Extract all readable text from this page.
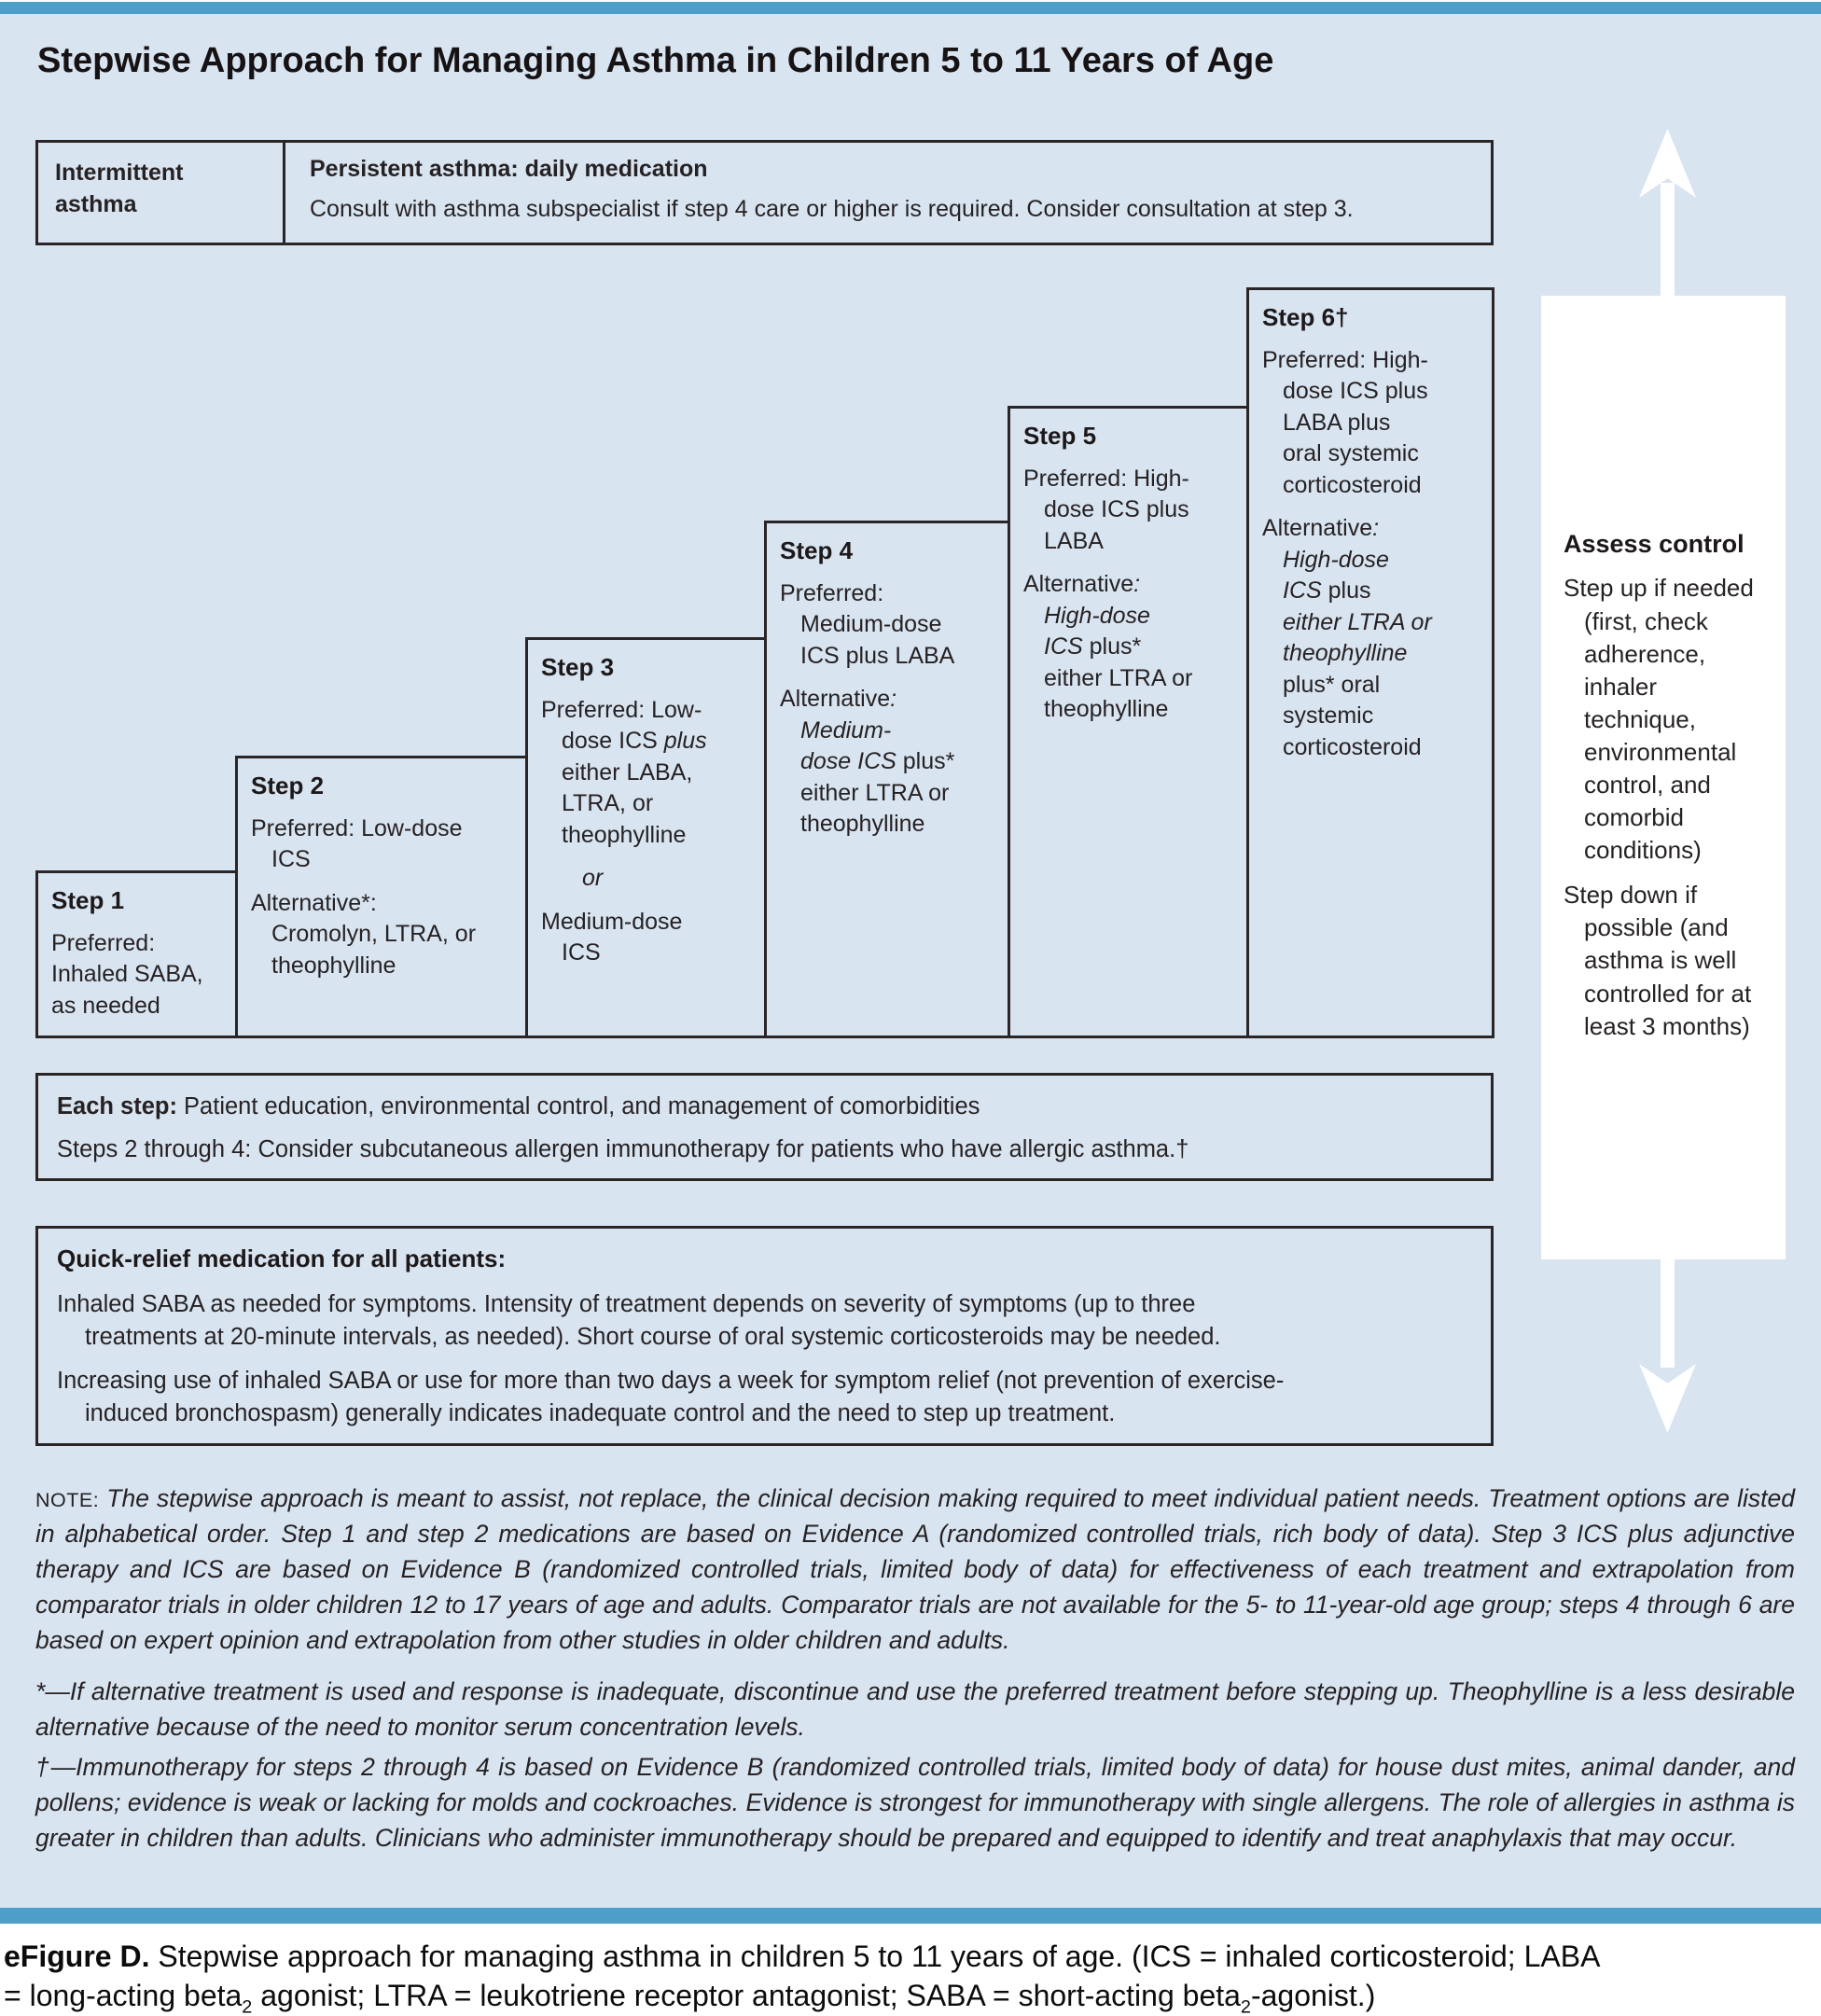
Stepwise Approach for Managing Asthma in Children 5 to 11 Years of Age
Intermittent asthma
Persistent asthma: daily medication
Consult with asthma subspecialist if step 4 care or higher is required. Consider consultation at step 3.
Step 1

Preferred:
Inhaled SABA,
as needed

Step 2

Preferred: Low-dose
ICS

Alternative*:
Cromolyn, LTRA, or
theophylline

Step 3

Preferred: Low-
dose ICS plus
either LABA,
LTRA, or
theophylline

or

Medium-dose
ICS

Step 4

Preferred:
Medium-dose
ICS plus LABA

Alternative:
Medium-
dose ICS plus*
either LTRA or
theophylline

Step 5

Preferred: High-
dose ICS plus
LABA

Alternative:
High-dose
ICS plus*
either LTRA or
theophylline

Step 6†

Preferred: High-
dose ICS plus
LABA plus
oral systemic
corticosteroid

Alternative:
High-dose
ICS plus
either LTRA or
theophylline
plus* oral
systemic
corticosteroid

Assess control

Step up if needed
(first, check
adherence,
inhaler
technique,
environmental
control, and
comorbid
conditions)

Step down if
possible (and
asthma is well
controlled for at
least 3 months)

Each step: Patient education, environmental control, and management of comorbidities

Steps 2 through 4: Consider subcutaneous allergen immunotherapy for patients who have allergic asthma.†

Quick-relief medication for all patients:

Inhaled SABA as needed for symptoms. Intensity of treatment depends on severity of symptoms (up to three
treatments at 20-minute intervals, as needed). Short course of oral systemic corticosteroids may be needed.

Increasing use of inhaled SABA or use for more than two days a week for symptom relief (not prevention of exercise-
induced bronchospasm) generally indicates inadequate control and the need to step up treatment.

NOTE: The stepwise approach is meant to assist, not replace, the clinical decision making required to meet individual patient needs. Treatment options are listed in alphabetical order. Step 1 and step 2 medications are based on Evidence A (randomized controlled trials, rich body of data). Step 3 ICS plus adjunctive therapy and ICS are based on Evidence B (randomized controlled trials, limited body of data) for effectiveness of each treatment and extrapolation from comparator trials in older children 12 to 17 years of age and adults. Comparator trials are not available for the 5- to 11-year-old age group; steps 4 through 6 are based on expert opinion and extrapolation from other studies in older children and adults.

*—If alternative treatment is used and response is inadequate, discontinue and use the preferred treatment before stepping up. Theophylline is a less desirable alternative because of the need to monitor serum concentration levels.

†—Immunotherapy for steps 2 through 4 is based on Evidence B (randomized controlled trials, limited body of data) for house dust mites, animal dander, and pollens; evidence is weak or lacking for molds and cockroaches. Evidence is strongest for immunotherapy with single allergens. The role of allergies in asthma is greater in children than adults. Clinicians who administer immunotherapy should be prepared and equipped to identify and treat anaphylaxis that may occur.

eFigure D. Stepwise approach for managing asthma in children 5 to 11 years of age. (ICS = inhaled corticosteroid; LABA
= long-acting beta$_2$ agonist; LTRA = leukotriene receptor antagonist; SABA = short-acting beta$_2$-agonist.)
